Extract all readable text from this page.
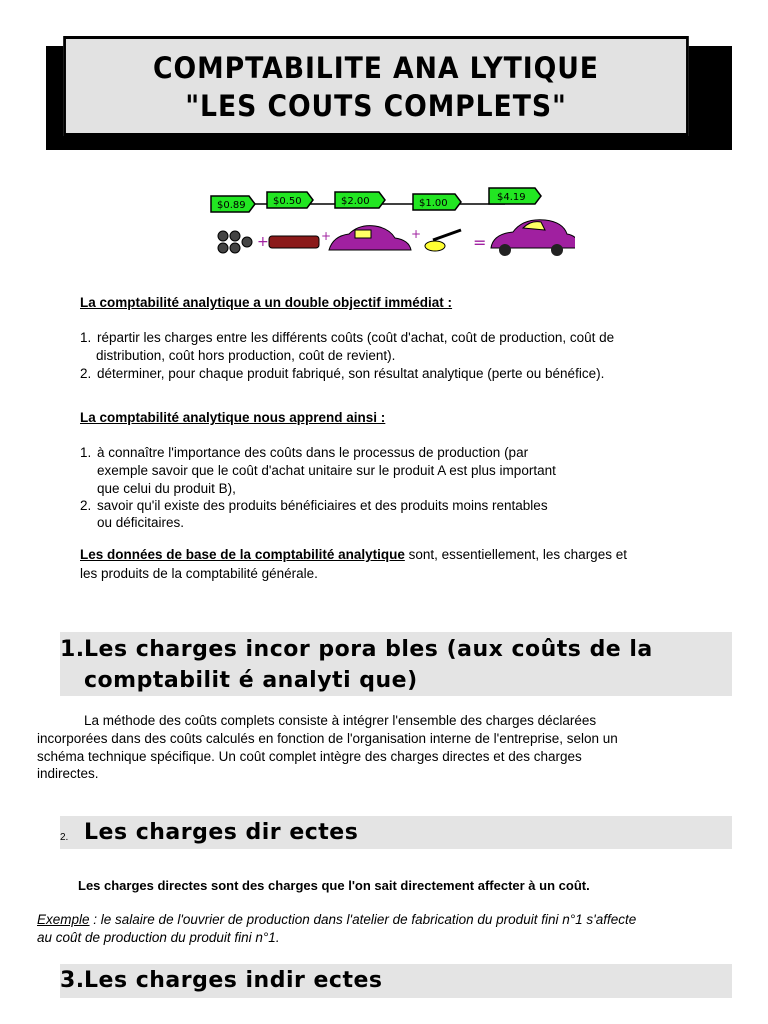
COMPTABILITE ANA LYTIQUE
"LES COUTS COMPLETS"
$0.89	$0.50	$2.00	$1.00
$4.19
+	+	+	=
La comptabilité analytique a un double objectif immédiat :
1. répartir les charges entre les différents coûts (coût d'achat, coût de production, coût de
distribution, coût hors production, coût de revient).
2. déterminer, pour chaque produit fabriqué, son résultat analytique (perte ou bénéfice).
La comptabilité analytique nous apprend ainsi :
1. à connaître l'importance des coûts dans le processus de production (par
exemple savoir que le coût d'achat unitaire sur le produit A est plus important
que celui du produit B),
2. savoir qu'il existe des produits bénéficiaires et des produits moins rentables
ou déficitaires.
Les données de base de la comptabilité analytique sont, essentiellement, les charges et
les produits de la comptabilité générale.
1. Les charges incor pora bles (aux coûts de la
comptabilit é analyti que)
La méthode des coûts complets consiste à intégrer l'ensemble des charges déclarées
incorporées dans des coûts calculés en fonction de l'organisation interne de l'entreprise, selon un
schéma technique spécifique. Un coût complet intègre des charges directes et des charges
indirectes.
2. Les charges dir ectes
Les charges directes sont des charges que l'on sait directement affecter à un coût.
Exemple : le salaire de l'ouvrier de production dans l'atelier de fabrication du produit fini n°1 s'affecte
au coût de production du produit fini n°1.
3. Les charges indir ectes
